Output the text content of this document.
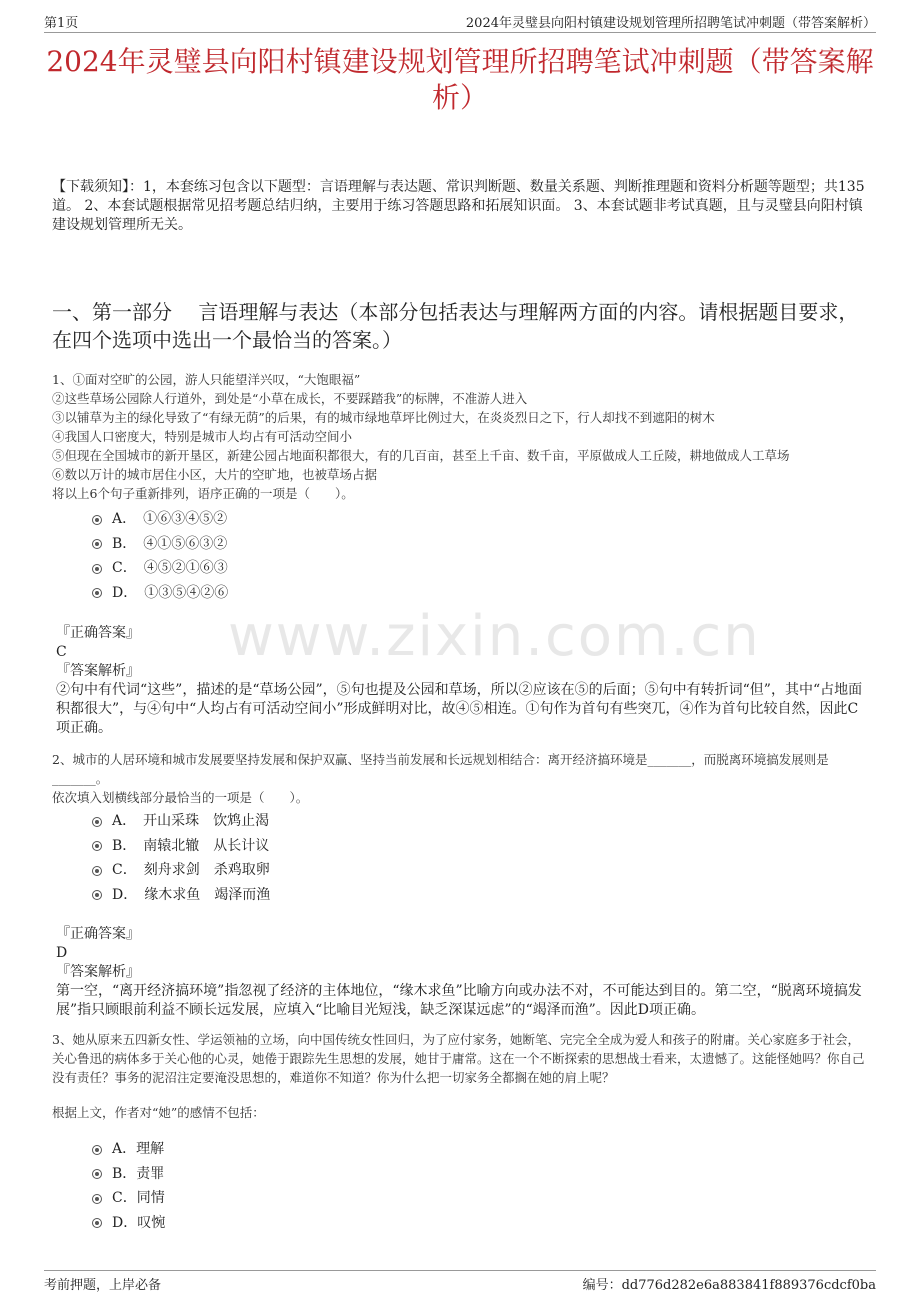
第1页	2024年灵璧县向阳村镇建设规划管理所招聘笔试冲刺题（带答案解析）
2024年灵璧县向阳村镇建设规划管理所招聘笔试冲刺题（带答案解析）
【下载须知】：1，本套练习包含以下题型：言语理解与表达题、常识判断题、数量关系题、判断推理题和资料分析题等题型；共135道。 2、本套试题根据常见招考题总结归纳，主要用于练习答题思路和拓展知识面。 3、本套试题非考试真题，且与灵璧县向阳村镇建设规划管理所无关。
一、第一部分　 言语理解与表达（本部分包括表达与理解两方面的内容。请根据题目要求，在四个选项中选出一个最恰当的答案。）
www.zixin.com.cn

1、①面对空旷的公园，游人只能望洋兴叹，“大饱眼福”

②这些草场公园除人行道外，到处是“小草在成长，不要踩踏我”的标牌，不准游人进入

③以铺草为主的绿化导致了“有绿无荫”的后果，有的城市绿地草坪比例过大，在炎炎烈日之下，行人却找不到遮阳的树木

④我国人口密度大，特别是城市人均占有可活动空间小

⑤但现在全国城市的新开垦区，新建公园占地面积都很大，有的几百亩，甚至上千亩、数千亩，平原做成人工丘陵，耕地做成人工草场

⑥数以万计的城市居住小区，大片的空旷地，也被草场占据

将以上6个句子重新排列，语序正确的一项是（　　）。

A．　①⑥③④⑤②
B．　④①⑤⑥③②
C．　④⑤②①⑥③
D．　①③⑤④②⑥

『正确答案』

C

『答案解析』

②句中有代词“这些”，描述的是“草场公园”，⑤句也提及公园和草场，所以②应该在⑤的后面；⑤句中有转折词“但”，其中“占地面积都很大”，与④句中“人均占有可活动空间小”形成鲜明对比，故④⑤相连。①句作为首句有些突兀，④作为首句比较自然，因此C项正确。

2、城市的人居环境和城市发展要坚持发展和保护双赢、坚持当前发展和长远规划相结合：离开经济搞环境是_______，而脱离环境搞发展则是_______。

依次填入划横线部分最恰当的一项是（　　）。

A．　开山采珠　饮鸩止渴
B．　南辕北辙　从长计议
C．　刻舟求剑　杀鸡取卵
D．　缘木求鱼　竭泽而渔

『正确答案』

D

『答案解析』

第一空，“离开经济搞环境”指忽视了经济的主体地位，“缘木求鱼”比喻方向或办法不对，不可能达到目的。第二空，“脱离环境搞发展”指只顾眼前利益不顾长远发展，应填入“比喻目光短浅，缺乏深谋远虑”的“竭泽而渔”。因此D项正确。

3、她从原来五四新女性、学运领袖的立场，向中国传统女性回归，为了应付家务，她断笔、完完全全成为爱人和孩子的附庸。关心家庭多于社会，关心鲁迅的病体多于关心他的心灵，她倦于跟踪先生思想的发展，她甘于庸常。这在一个不断探索的思想战士看来，太遗憾了。这能怪她吗？你自己没有责任？事务的泥沼注定要淹没思想的，难道你不知道？你为什么把一切家务全都搁在她的肩上呢？

根据上文，作者对“她”的感情不包括：

A．理解
B．责罪
C．同情
D．叹惋
考前押题，上岸必备	编号：dd776d282e6a883841f889376cdcf0ba
